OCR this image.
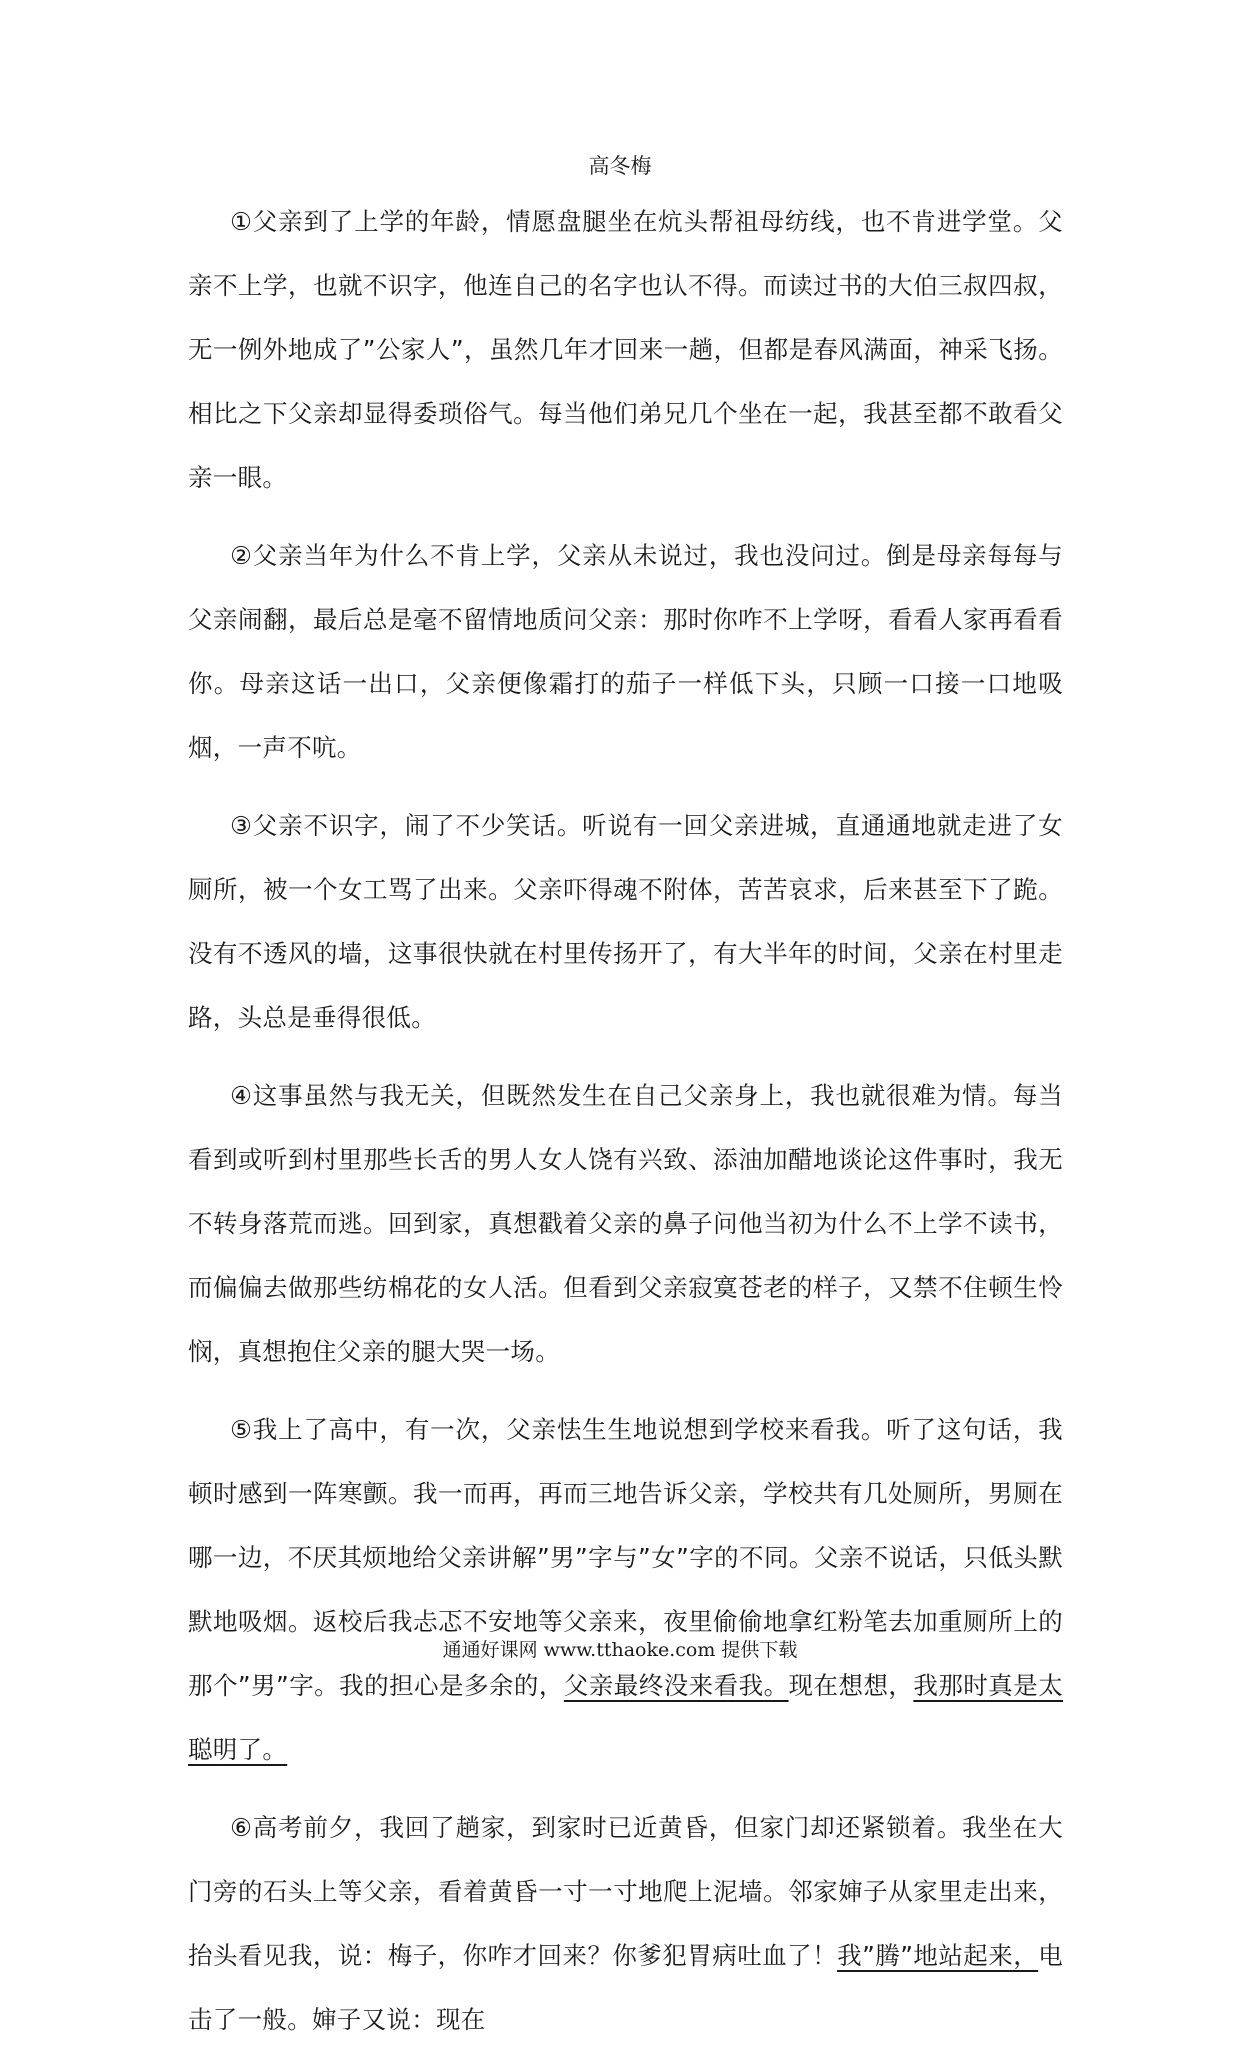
高冬梅

①父亲到了上学的年龄，情愿盘腿坐在炕头帮祖母纺线，也不肯进学堂。父亲不上学，也就不识字，他连自己的名字也认不得。而读过书的大伯三叔四叔，无一例外地成了”公家人”，虽然几年才回来一趟，但都是春风满面，神采飞扬。相比之下父亲却显得委琐俗气。每当他们弟兄几个坐在一起，我甚至都不敢看父亲一眼。

②父亲当年为什么不肯上学，父亲从未说过，我也没问过。倒是母亲每每与父亲闹翻，最后总是毫不留情地质问父亲：那时你咋不上学呀，看看人家再看看你。母亲这话一出口，父亲便像霜打的茄子一样低下头，只顾一口接一口地吸烟，一声不吭。

③父亲不识字，闹了不少笑话。听说有一回父亲进城，直通通地就走进了女厕所，被一个女工骂了出来。父亲吓得魂不附体，苦苦哀求，后来甚至下了跪。没有不透风的墙，这事很快就在村里传扬开了，有大半年的时间，父亲在村里走路，头总是垂得很低。

④这事虽然与我无关，但既然发生在自己父亲身上，我也就很难为情。每当看到或听到村里那些长舌的男人女人饶有兴致、添油加醋地谈论这件事时，我无不转身落荒而逃。回到家，真想戳着父亲的鼻子问他当初为什么不上学不读书，而偏偏去做那些纺棉花的女人活。但看到父亲寂寞苍老的样子，又禁不住顿生怜悯，真想抱住父亲的腿大哭一场。

⑤我上了高中，有一次，父亲怯生生地说想到学校来看我。听了这句话，我顿时感到一阵寒颤。我一而再，再而三地告诉父亲，学校共有几处厕所，男厕在哪一边，不厌其烦地给父亲讲解”男”字与”女”字的不同。父亲不说话，只低头默默地吸烟。返校后我忐忑不安地等父亲来，夜里偷偷地拿红粉笔去加重厕所上的那个”男”字。我的担心是多余的，父亲最终没来看我。现在想想，我那时真是太聪明了。

⑥高考前夕，我回了趟家，到家时已近黄昏，但家门却还紧锁着。我坐在大门旁的石头上等父亲，看着黄昏一寸一寸地爬上泥墙。邻家婶子从家里走出来，抬头看见我，说：梅子，你咋才回来？你爹犯胃病吐血了！我”腾”地站起来，电击了一般。婶子又说：现在

通通好课网 www.tthaoke.com 提供下载
